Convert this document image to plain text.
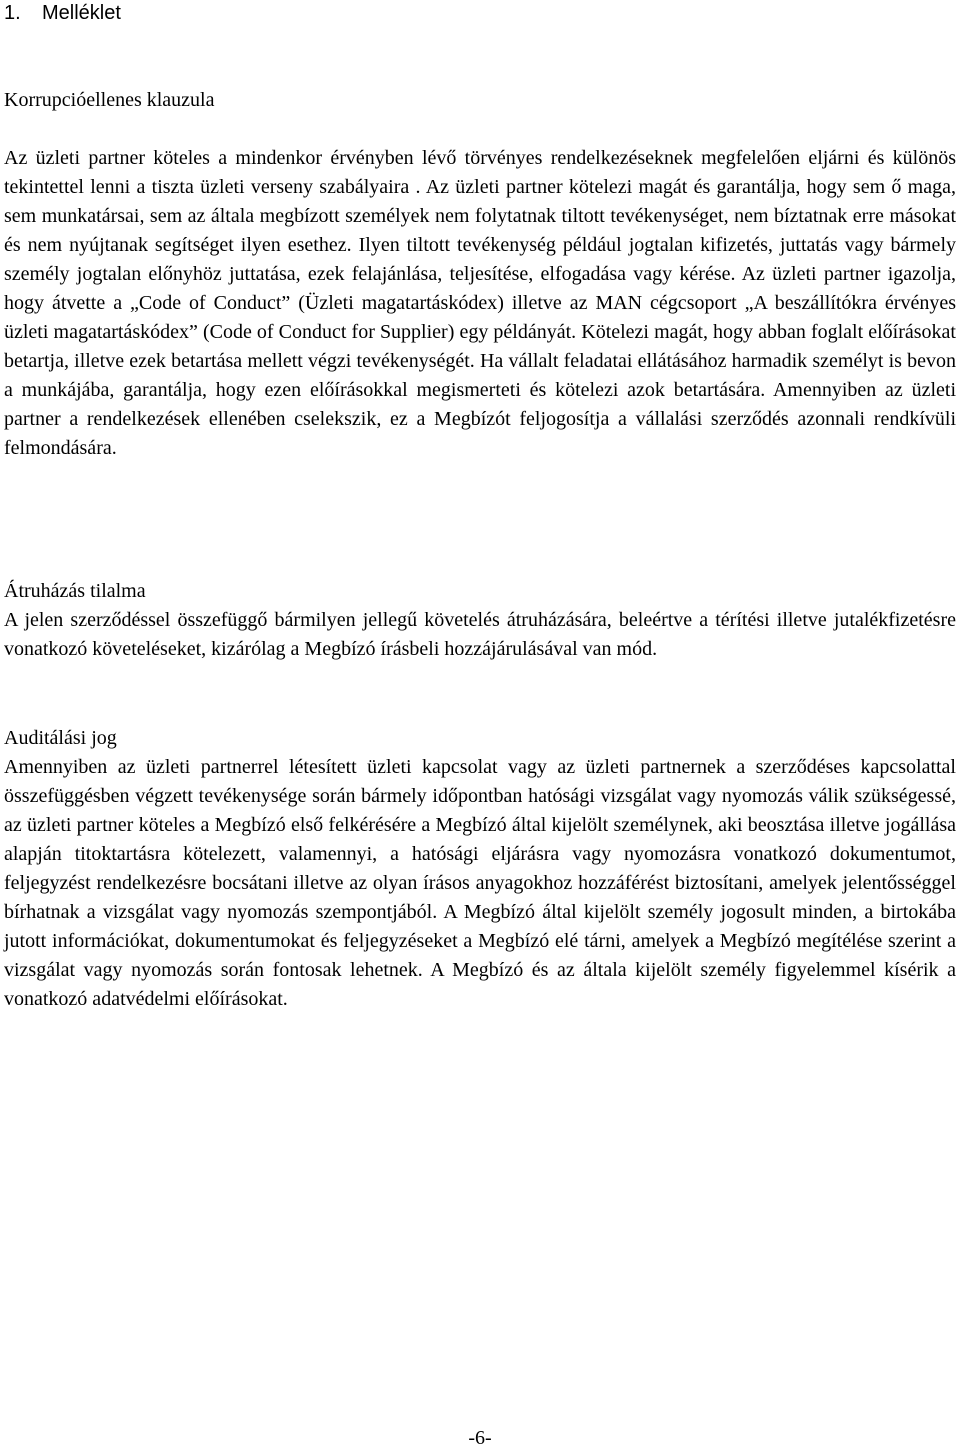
1. Melléklet
Korrupcióellenes klauzula

Az üzleti partner köteles a mindenkor érvényben lévő törvényes rendelkezéseknek megfelelően eljárni és különös tekintettel lenni a tiszta üzleti verseny szabályaira . Az üzleti partner kötelezi magát és garantálja, hogy sem ő maga, sem munkatársai, sem az általa megbízott személyek nem folytatnak tiltott tevékenységet, nem bíztatnak erre másokat és nem nyújtanak segítséget ilyen esethez. Ilyen tiltott tevékenység például jogtalan kifizetés, juttatás vagy bármely személy jogtalan előnyhöz juttatása, ezek felajánlása, teljesítése, elfogadása vagy kérése. Az üzleti partner igazolja, hogy átvette a „Code of Conduct” (Üzleti magatartáskódex) illetve az MAN cégcsoport „A beszállítókra érvényes üzleti magatartáskódex” (Code of Conduct for Supplier) egy példányát. Kötelezi magát, hogy abban foglalt előírásokat betartja, illetve ezek betartása mellett végzi tevékenységét. Ha vállalt feladatai ellátásához harmadik személyt is bevon a munkájába, garantálja, hogy ezen előírásokkal megismerteti és kötelezi azok betartására. Amennyiben az üzleti partner a rendelkezések ellenében cselekszik, ez a Megbízót feljogosítja a vállalási szerződés azonnali rendkívüli felmondására.

Átruházás tilalma

A jelen szerződéssel összefüggő bármilyen jellegű követelés átruházására, beleértve a térítési illetve jutalékfizetésre vonatkozó követeléseket, kizárólag a Megbízó írásbeli hozzájárulásával van mód.

Auditálási jog

Amennyiben az üzleti partnerrel létesített üzleti kapcsolat vagy az üzleti partnernek a szerződéses kapcsolattal összefüggésben végzett tevékenysége során bármely időpontban hatósági vizsgálat vagy nyomozás válik szükségessé, az üzleti partner köteles a Megbízó első felkérésére a Megbízó által kijelölt személynek, aki beosztása illetve jogállása alapján titoktartásra kötelezett, valamennyi, a hatósági eljárásra vagy nyomozásra vonatkozó dokumentumot, feljegyzést rendelkezésre bocsátani illetve az olyan írásos anyagokhoz hozzáférést biztosítani, amelyek jelentősséggel bírhatnak a vizsgálat vagy nyomozás szempontjából. A Megbízó által kijelölt személy jogosult minden, a birtokába jutott információkat, dokumentumokat és feljegyzéseket a Megbízó elé tárni, amelyek a Megbízó megítélése szerint a vizsgálat vagy nyomozás során fontosak lehetnek. A Megbízó és az általa kijelölt személy figyelemmel kísérik a vonatkozó adatvédelmi előírásokat.

-6-
